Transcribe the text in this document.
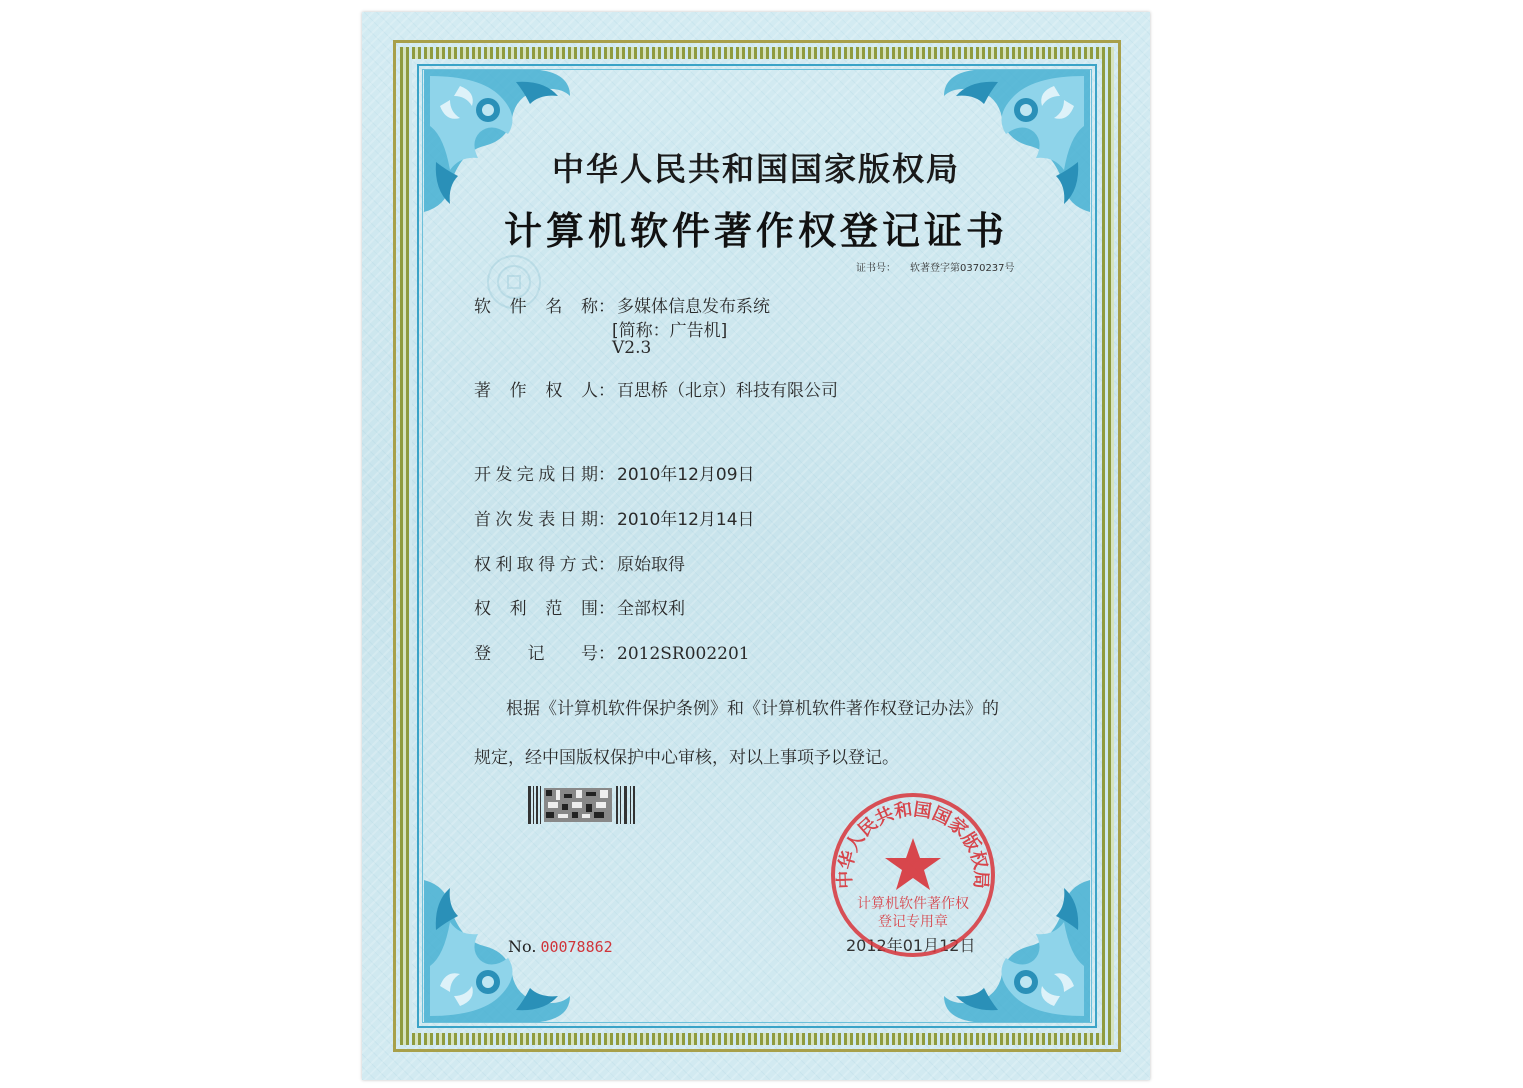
中华人民共和国国家版权局
计算机软件著作权登记证书
证书号： 软著登字第0370237号
软件名称： 多媒体信息发布系统
[简称：广告机]
V2.3
著作权人： 百思桥（北京）科技有限公司
开发完成日期： 2010年12月09日
首次发表日期： 2010年12月14日
权利取得方式： 原始取得
权利范围： 全部权利
登记号： 2012SR002201
根据《计算机软件保护条例》和《计算机软件著作权登记办法》的
规定，经中国版权保护中心审核，对以上事项予以登记。
No. 00078862	2012年01月12日
中华人民共和国国家版权局
计算机软件著作权
登记专用章
